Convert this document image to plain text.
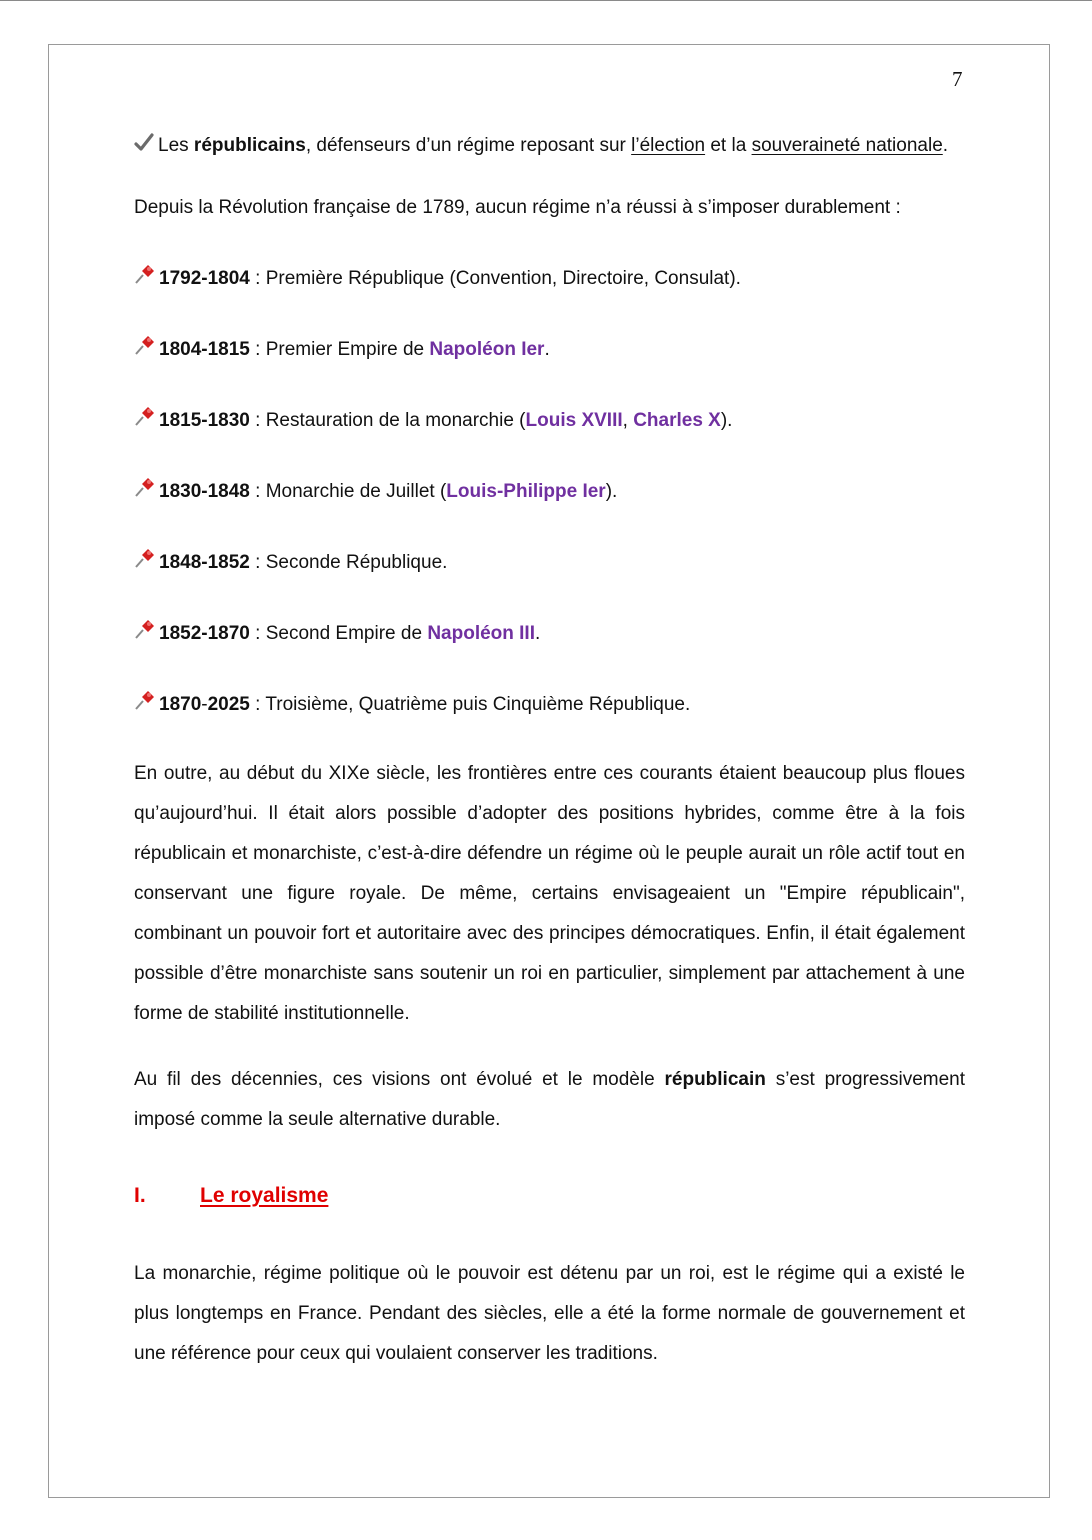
7

Les républicains, défenseurs d’un régime reposant sur l’élection et la souveraineté nationale.

Depuis la Révolution française de 1789, aucun régime n’a réussi à s’imposer durablement :

1792-1804 : Première République (Convention, Directoire, Consulat).

1804-1815 : Premier Empire de Napoléon Ier.

1815-1830 : Restauration de la monarchie (Louis XVIII, Charles X).

1830-1848 : Monarchie de Juillet (Louis-Philippe Ier).

1848-1852 : Seconde République.

1852-1870 : Second Empire de Napoléon III.

1870-2025 : Troisième, Quatrième puis Cinquième République.

En outre, au début du XIXe siècle, les frontières entre ces courants étaient beaucoup plus floues qu’aujourd’hui. Il était alors possible d’adopter des positions hybrides, comme être à la fois républicain et monarchiste, c’est-à-dire défendre un régime où le peuple aurait un rôle actif tout en conservant une figure royale. De même, certains envisageaient un "Empire républicain", combinant un pouvoir fort et autoritaire avec des principes démocratiques. Enfin, il était également possible d’être monarchiste sans soutenir un roi en particulier, simplement par attachement à une forme de stabilité institutionnelle.

Au fil des décennies, ces visions ont évolué et le modèle républicain s’est progressivement imposé comme la seule alternative durable.

I.	Le royalisme

La monarchie, régime politique où le pouvoir est détenu par un roi, est le régime qui a existé le plus longtemps en France. Pendant des siècles, elle a été la forme normale de gouvernement et une référence pour ceux qui voulaient conserver les traditions.
